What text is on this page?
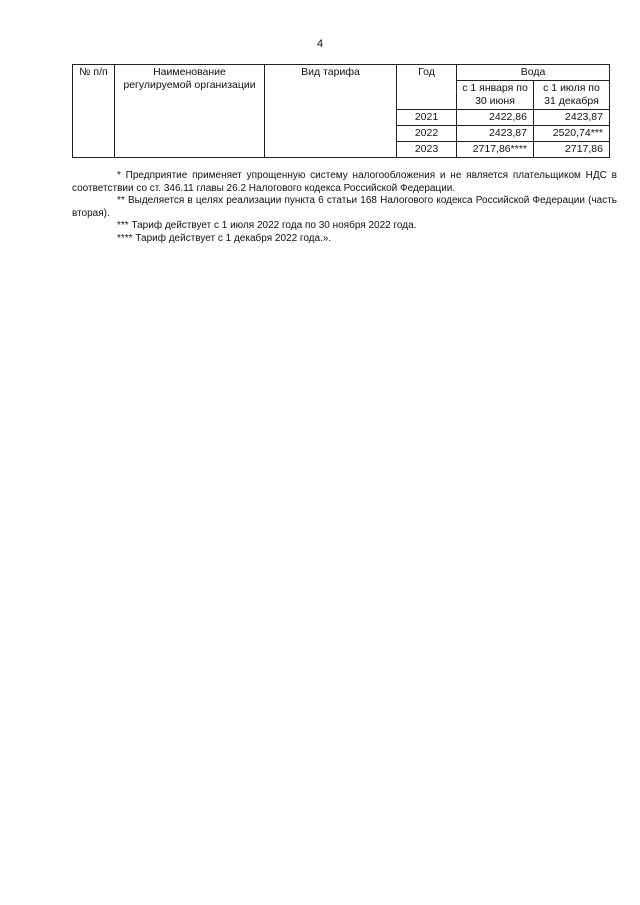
4
№ п/п	Наименование регулируемой организации	Вид тарифа	Год	Вода	
				с 1 января по 30 июня	с 1 июля по 31 декабря
			2021	2422,86	2423,87
			2022	2423,87	2520,74***
			2023	2717,86****	2717,86

* Предприятие применяет упрощенную систему налогообложения и не является плательщиком НДС в соответствии со ст. 346.11 главы 26.2 Налогового кодекса Российской Федерации.

** Выделяется в целях реализации пункта 6 статьи 168 Налогового кодекса Российской Федерации (часть вторая).

*** Тариф действует с 1 июля 2022 года по 30 ноября 2022 года.

**** Тариф действует с 1 декабря 2022 года.».
